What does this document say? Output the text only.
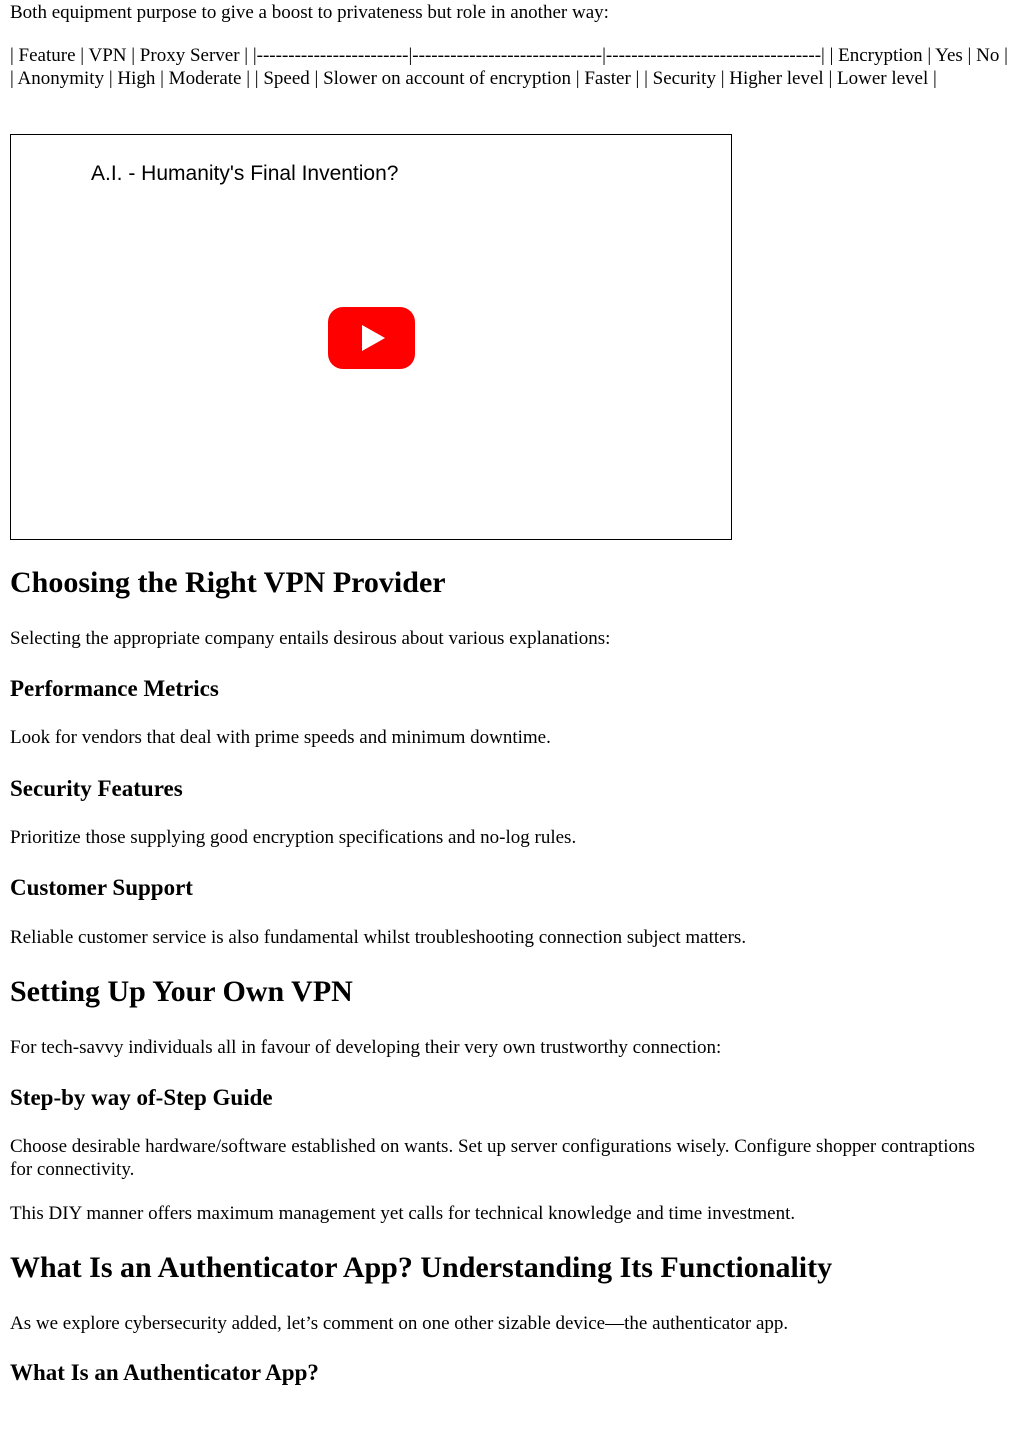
Both equipment purpose to give a boost to privateness but role in another way:

| Feature | VPN | Proxy Server | |------------------------|------------------------------|----------------------------------| | Encryption | Yes | No | | Anonymity | High | Moderate | | Speed | Slower on account of encryption | Faster | | Security | Higher level | Lower level |

A.I. - Humanity's Final Invention?
Choosing the Right VPN Provider

Selecting the appropriate company entails desirous about various explanations:

Performance Metrics

Look for vendors that deal with prime speeds and minimum downtime.

Security Features

Prioritize those supplying good encryption specifications and no-log rules.

Customer Support

Reliable customer service is also fundamental whilst troubleshooting connection subject matters.

Setting Up Your Own VPN

For tech-savvy individuals all in favour of developing their very own trustworthy connection:

Step-by way of-Step Guide

Choose desirable hardware/software established on wants. Set up server configurations wisely. Configure shopper contraptions for connectivity.

This DIY manner offers maximum management yet calls for technical knowledge and time investment.

What Is an Authenticator App? Understanding Its Functionality

As we explore cybersecurity added, let’s comment on one other sizable device—the authenticator app.

What Is an Authenticator App?
